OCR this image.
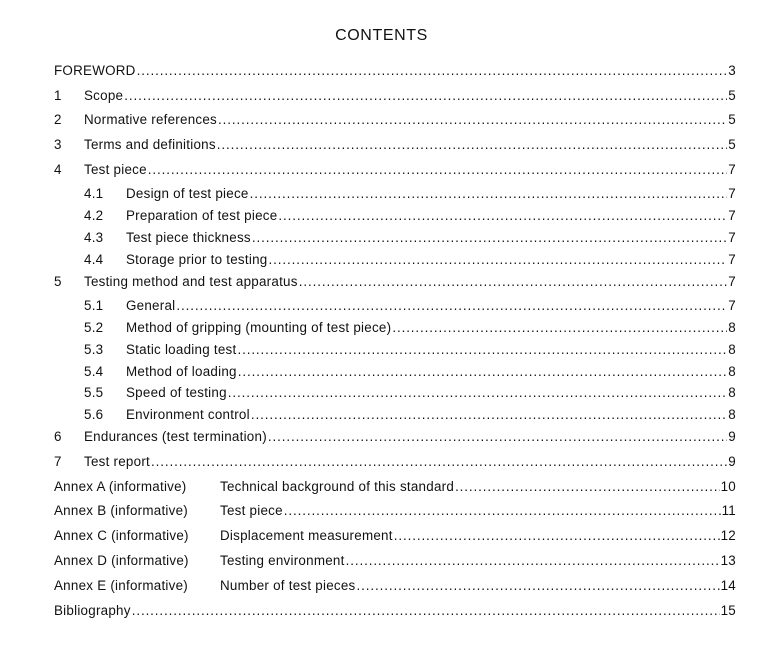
CONTENTS
FOREWORD .....	3
1	Scope .....	5
2	Normative references .....	5
3	Terms and definitions .....	5
4	Test piece .....	7
4.1	Design of test piece .....	7
4.2	Preparation of test piece .....	7
4.3	Test piece thickness .....	7
4.4	Storage prior to testing .....	7
5	Testing method and test apparatus .....	7
5.1	General .....	7
5.2	Method of gripping (mounting of test piece) .....	8
5.3	Static loading test .....	8
5.4	Method of loading .....	8
5.5	Speed of testing .....	8
5.6	Environment control .....	8
6	Endurances (test termination) .....	9
7	Test report .....	9
Annex A (informative)	Technical background of this standard .....	10
Annex B (informative)	Test piece .....	11
Annex C (informative)	Displacement measurement .....	12
Annex D (informative)	Testing environment .....	13
Annex E (informative)	Number of test pieces .....	14
Bibliography .....	15
